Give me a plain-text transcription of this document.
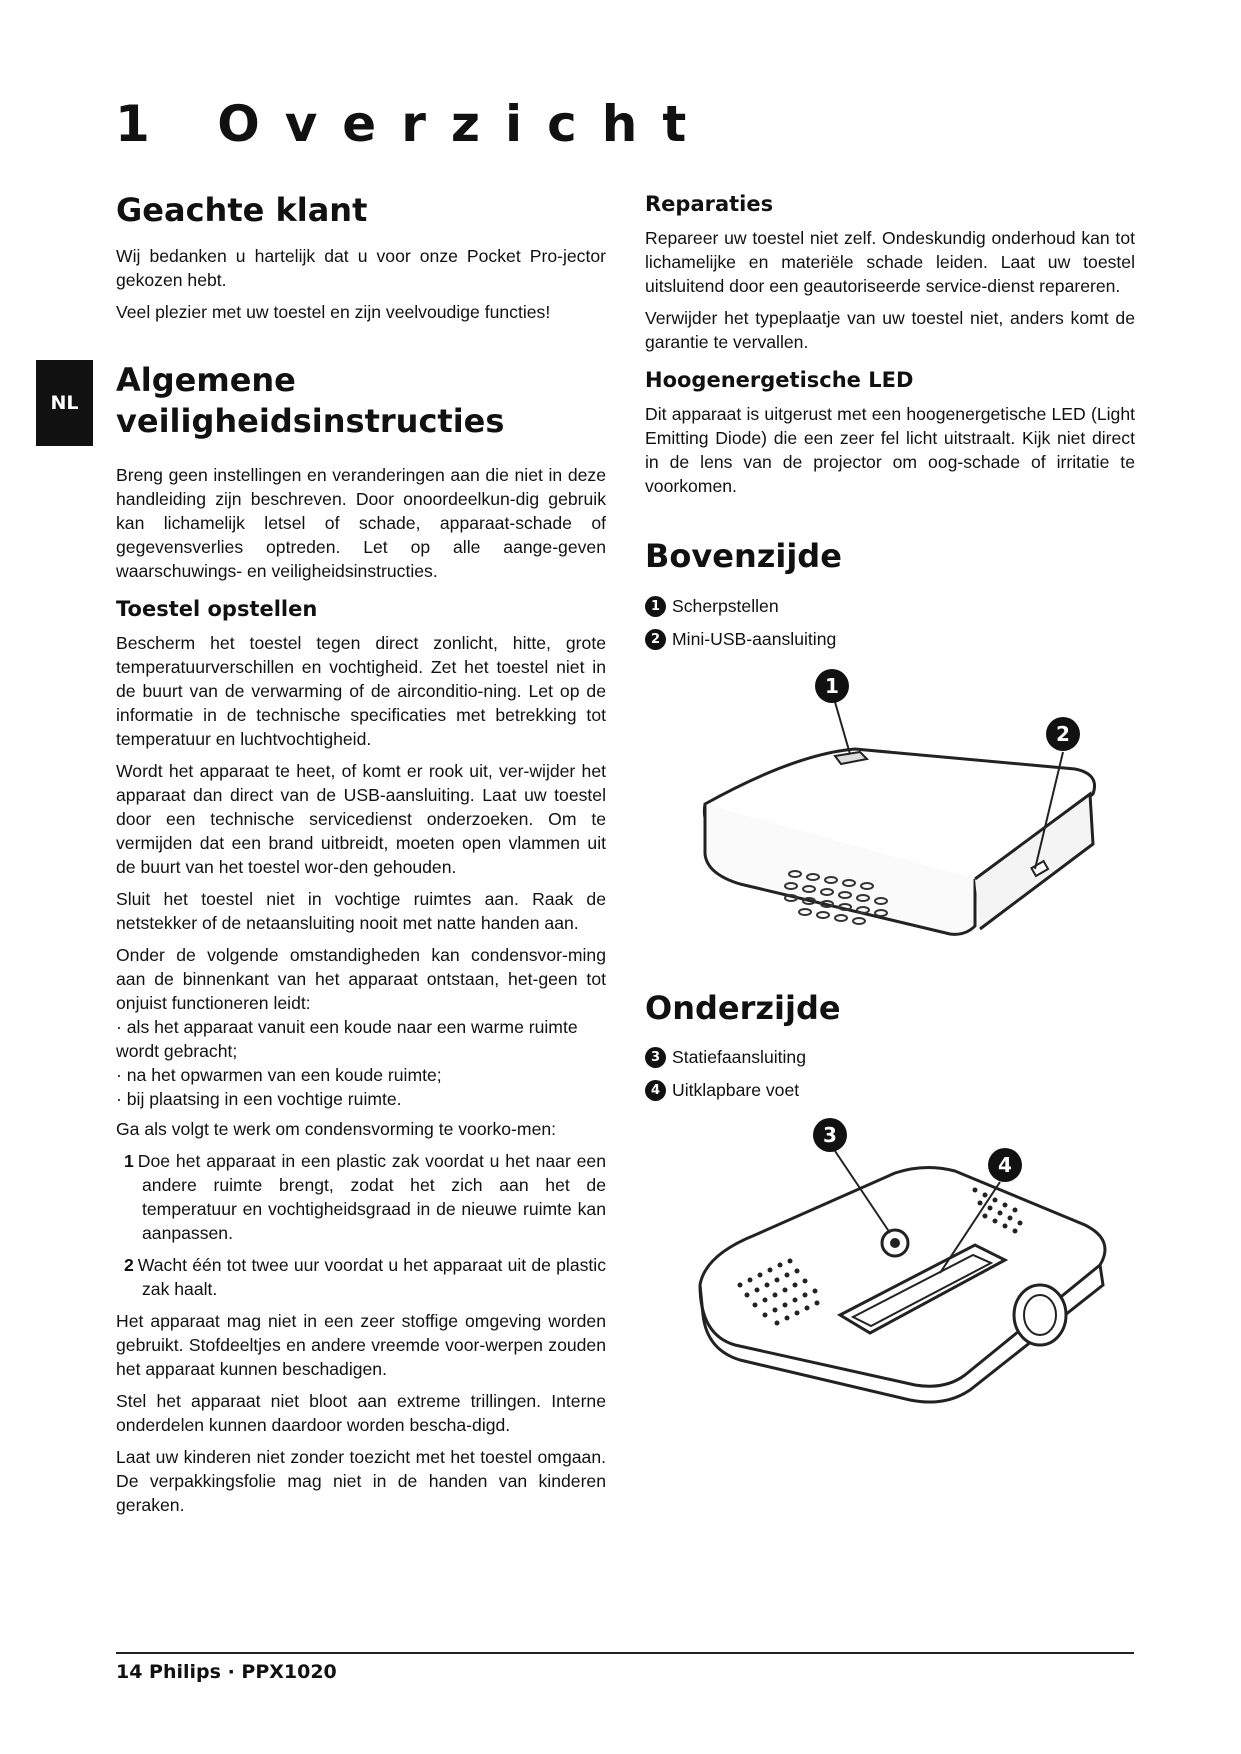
1 Overzicht
NL
Geachte klant

Wij bedanken u hartelijk dat u voor onze Pocket Pro-jector gekozen hebt.

Veel plezier met uw toestel en zijn veelvoudige functies!

Algemene
veiligheidsinstructies

Breng geen instellingen en veranderingen aan die niet in deze handleiding zijn beschreven. Door onoordeelkun-dig gebruik kan lichamelijk letsel of schade, apparaat-schade of gegevensverlies optreden. Let op alle aange-geven waarschuwings- en veiligheidsinstructies.

Toestel opstellen

Bescherm het toestel tegen direct zonlicht, hitte, grote temperatuurverschillen en vochtigheid. Zet het toestel niet in de buurt van de verwarming of de airconditio-ning. Let op de informatie in de technische specificaties met betrekking tot temperatuur en luchtvochtigheid.

Wordt het apparaat te heet, of komt er rook uit, ver-wijder het apparaat dan direct van de USB-aansluiting. Laat uw toestel door een technische servicedienst onderzoeken. Om te vermijden dat een brand uitbreidt, moeten open vlammen uit de buurt van het toestel wor-den gehouden.

Sluit het toestel niet in vochtige ruimtes aan. Raak de netstekker of de netaansluiting nooit met natte handen aan.

Onder de volgende omstandigheden kan condensvor-ming aan de binnenkant van het apparaat ontstaan, het-geen tot onjuist functioneren leidt:

· als het apparaat vanuit een koude naar een warme ruimte wordt gebracht;
· na het opwarmen van een koude ruimte;
· bij plaatsing in een vochtige ruimte.

Ga als volgt te werk om condensvorming te voorko-men:

1 Doe het apparaat in een plastic zak voordat u het naar een andere ruimte brengt, zodat het zich aan het de temperatuur en vochtigheidsgraad in de nieuwe ruimte kan aanpassen.
2 Wacht één tot twee uur voordat u het apparaat uit de plastic zak haalt.

Het apparaat mag niet in een zeer stoffige omgeving worden gebruikt. Stofdeeltjes en andere vreemde voor-werpen zouden het apparaat kunnen beschadigen.

Stel het apparaat niet bloot aan extreme trillingen. Interne onderdelen kunnen daardoor worden bescha-digd.

Laat uw kinderen niet zonder toezicht met het toestel omgaan. De verpakkingsfolie mag niet in de handen van kinderen geraken.

Reparaties

Repareer uw toestel niet zelf. Ondeskundig onderhoud kan tot lichamelijke en materiële schade leiden. Laat uw toestel uitsluitend door een geautoriseerde service-dienst repareren.

Verwijder het typeplaatje van uw toestel niet, anders komt de garantie te vervallen.

Hoogenergetische LED

Dit apparaat is uitgerust met een hoogenergetische LED (Light Emitting Diode) die een zeer fel licht uitstraalt. Kijk niet direct in de lens van de projector om oog-schade of irritatie te voorkomen.

Bovenzijde
1 Scherpstellen
2 Mini-USB-aansluiting
1
2
Onderzijde
3 Statiefaansluiting
4 Uitklapbare voet
3
4
14 Philips · PPX1020
